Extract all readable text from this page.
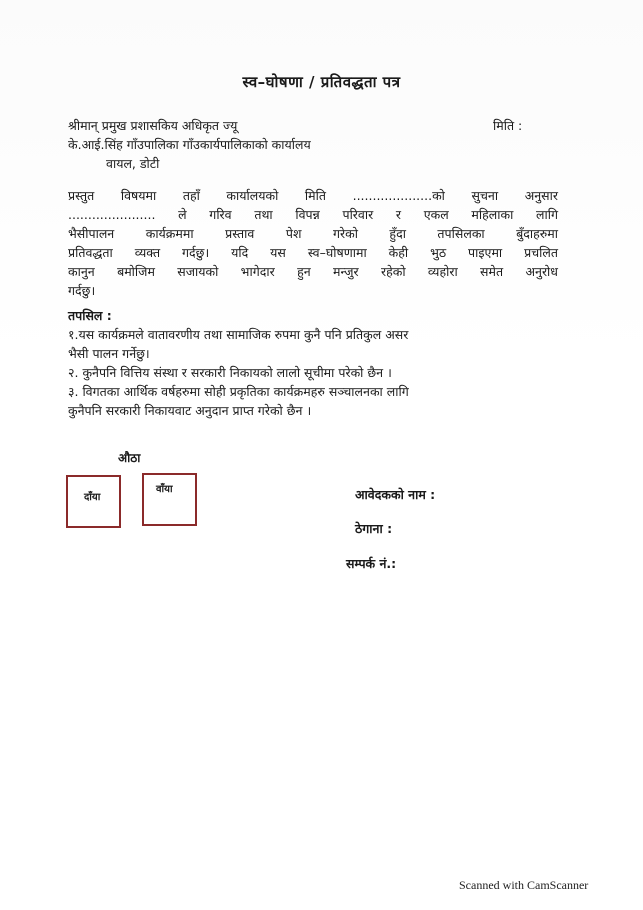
स्व–घोषणा / प्रतिवद्धता पत्र
श्रीमान् प्रमुख प्रशासकिय अधिकृत ज्यू	मिति :
के.आई.सिंह गाँउपालिका गाँउकार्यपालिकाको कार्यालय
वायल, डोटी
प्रस्तुत विषयमा तहाँ कार्यालयको मिति ....................को सुचना अनुसार
...................... ले गरिव तथा विपन्न परिवार र एकल महिलाका लागि
भैसीपालन कार्यक्रममा प्रस्ताव पेश गरेको हुँदा तपसिलका बुँदाहरुमा
प्रतिवद्धता व्यक्त गर्दछु। यदि यस स्व–घोषणामा केही भुठ पाइएमा प्रचलित
कानुन बमोजिम सजायको भागेदार हुन मन्जुर रहेको व्यहोरा समेत अनुरोध
गर्दछु।
तपसिल :
१.यस कार्यक्रमले वातावरणीय तथा सामाजिक रुपमा कुनै पनि प्रतिकुल असर
भैसी पालन गर्नेछु।
२. कुनैपनि वित्तिय संस्था र सरकारी निकायको लालो सूचीमा परेको छैन ।
३. विगतका आर्थिक वर्षहरुमा सोही प्रकृतिका कार्यक्रमहरु सञ्चालनका लागि
कुनैपनि सरकारी निकायवाट अनुदान प्राप्त गरेको छैन ।
औठा
दाँया
वाँया	आवेदकको नाम :
ठेगाना :
सम्पर्क नं.:
Scanned with CamScanner
